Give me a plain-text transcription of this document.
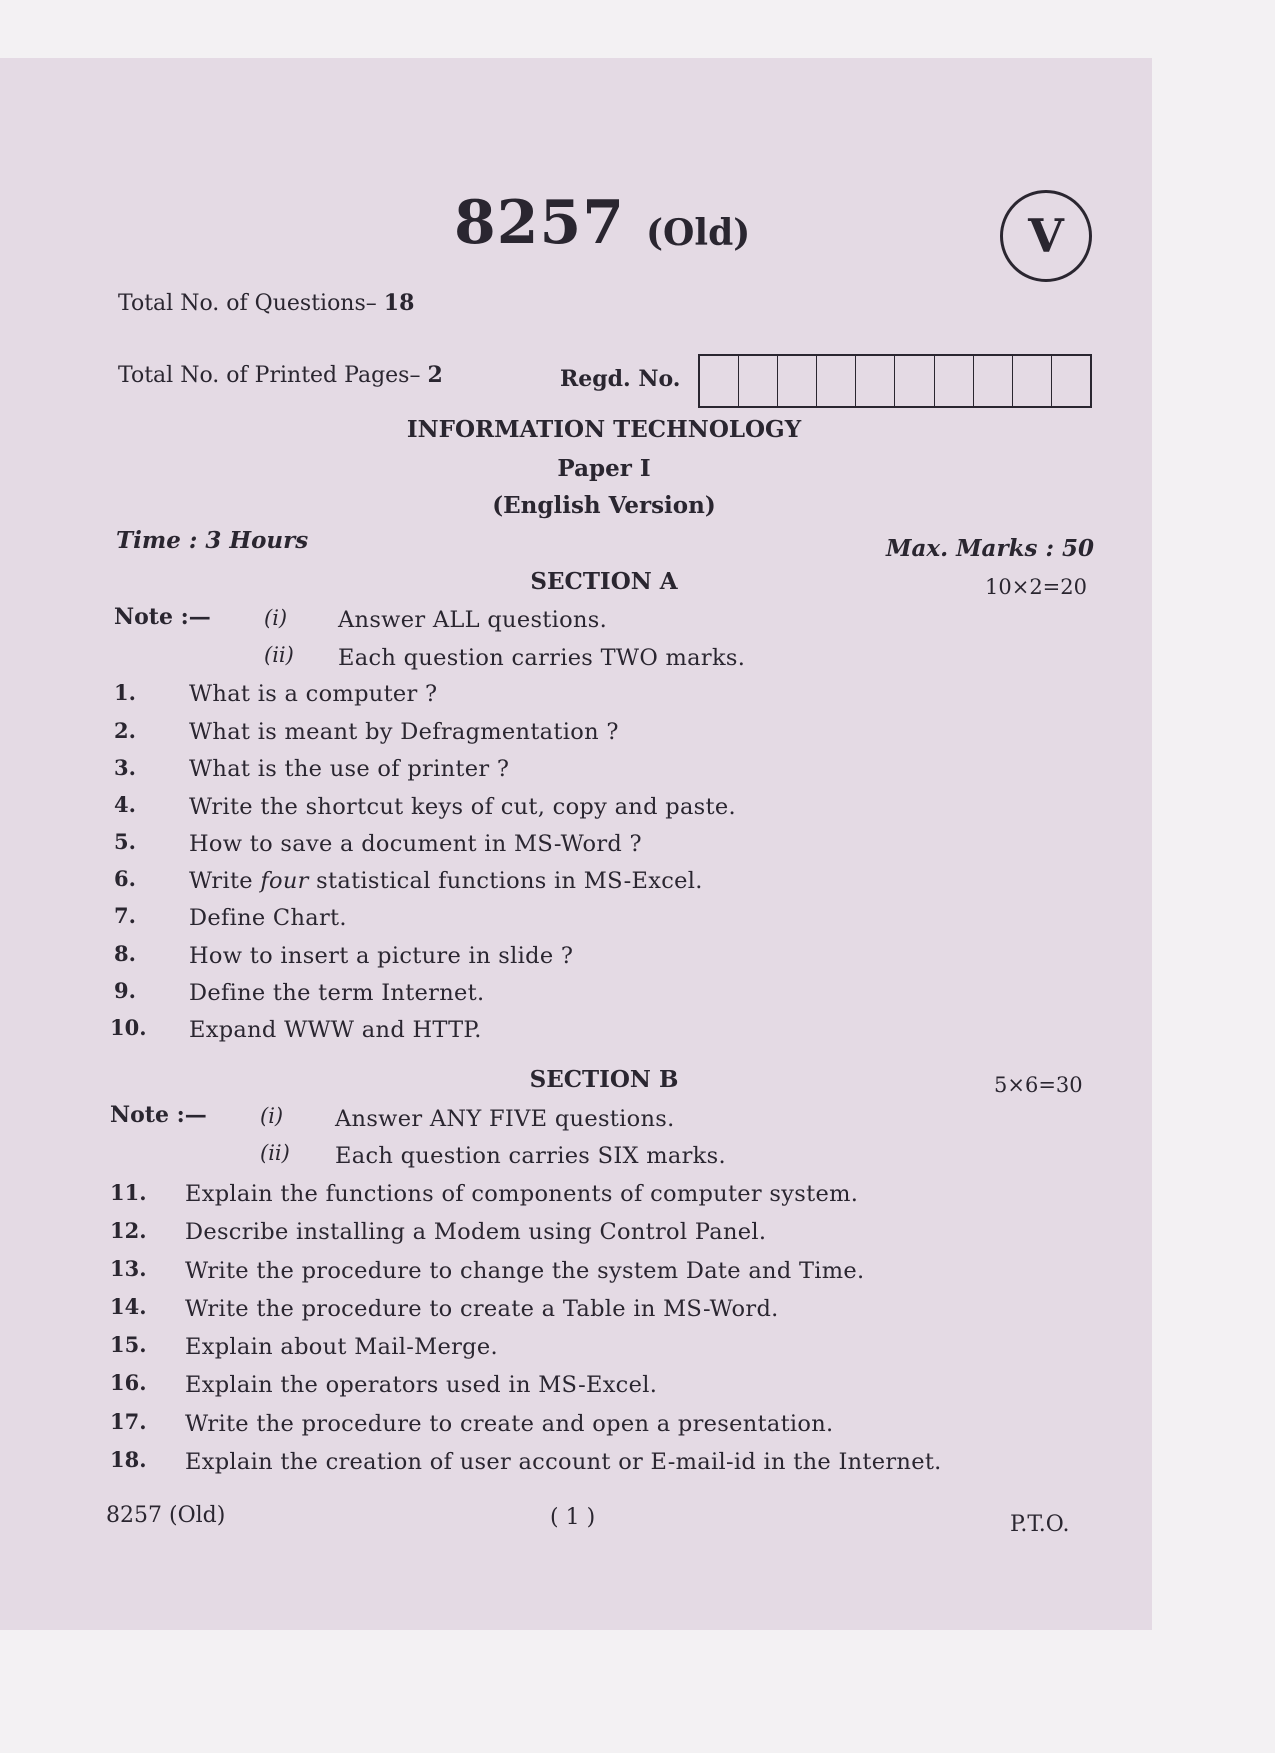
8257 (Old)	V
Total No. of Questions– 18
Total No. of Printed Pages– 2	Regd. No.
INFORMATION TECHNOLOGY
Paper I
(English Version)
Time : 3 Hours	Max. Marks : 50
SECTION A	10×2=20
Note :—	(i) Answer ALL questions.
(ii) Each question carries TWO marks.
1. What is a computer ?
2. What is meant by Defragmentation ?
3. What is the use of printer ?
4. Write the shortcut keys of cut, copy and paste.
5. How to save a document in MS-Word ?
6. Write four statistical functions in MS-Excel.
7. Define Chart.
8. How to insert a picture in slide ?
9. Define the term Internet.
10. Expand WWW and HTTP.
SECTION B	5×6=30
Note :—	(i) Answer ANY FIVE questions.
(ii) Each question carries SIX marks.
11. Explain the functions of components of computer system.
12. Describe installing a Modem using Control Panel.
13. Write the procedure to change the system Date and Time.
14. Write the procedure to create a Table in MS-Word.
15. Explain about Mail-Merge.
16. Explain the operators used in MS-Excel.
17. Write the procedure to create and open a presentation.
18. Explain the creation of user account or E-mail-id in the Internet.
8257 (Old)	( 1 )	P.T.O.
